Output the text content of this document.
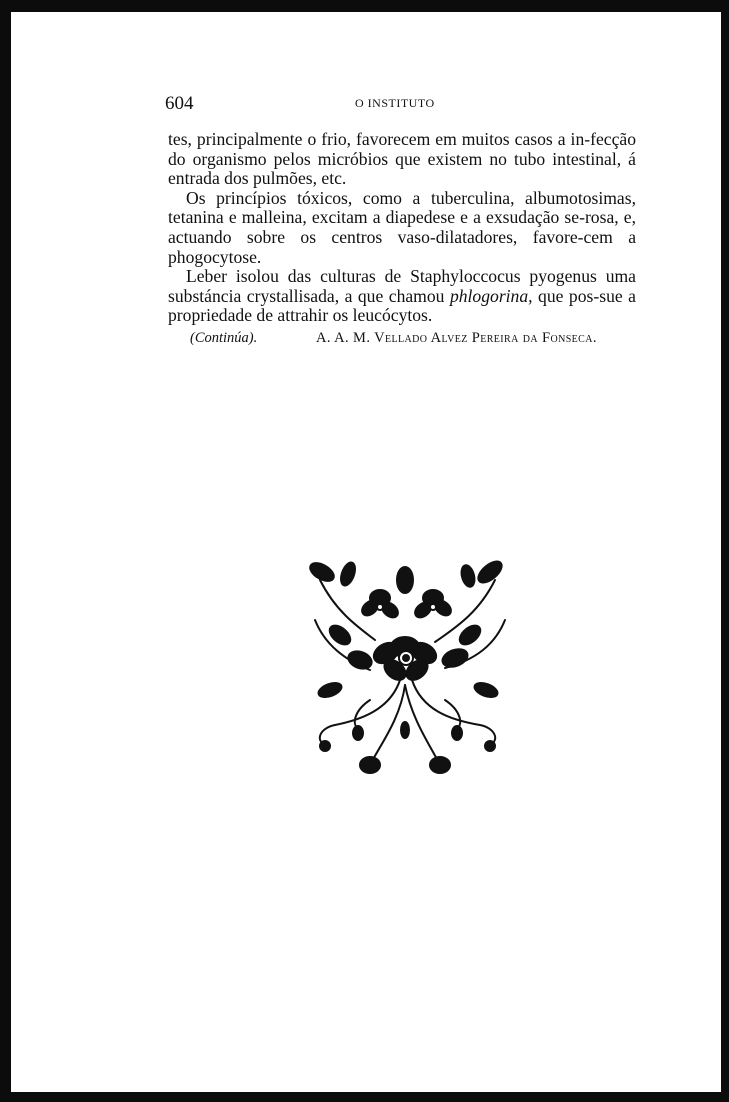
604	O INSTITUTO

tes, principalmente o frio, favorecem em muitos casos a in-fecção do organismo pelos micróbios que existem no tubo intestinal, á entrada dos pulmões, etc.

Os princípios tóxicos, como a tuberculina, albumotosimas, tetanina e malleina, excitam a diapedese e a exsudação se-rosa, e, actuando sobre os centros vaso-dilatadores, favore-cem a phogocytose.

Leber isolou das culturas de Staphyloccocus pyogenus uma substáncia crystallisada, a que chamou phlogorina, que pos-sue a propriedade de attrahir os leucócytos.

(Continúa).	A. A. M. Vellado Alvez Pereira da Fonseca.
